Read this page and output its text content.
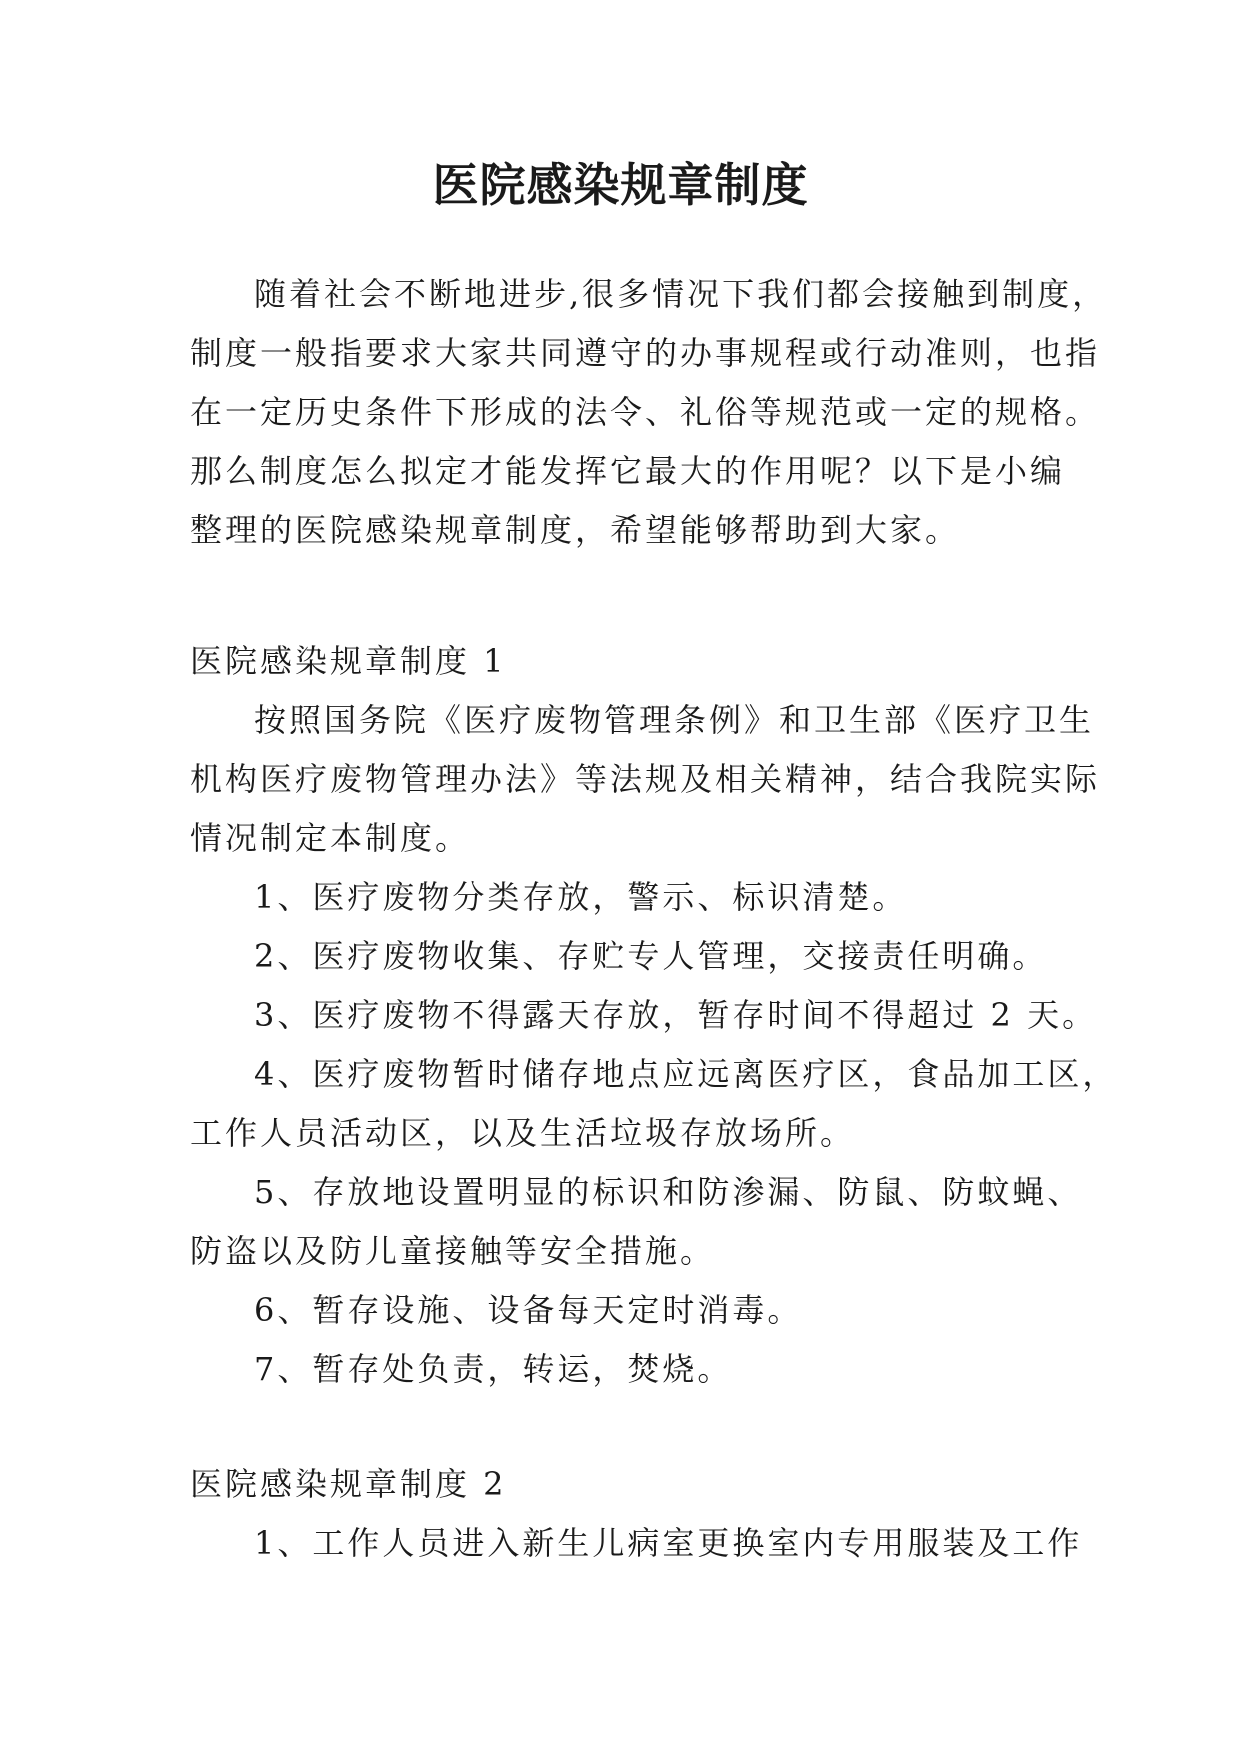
医院感染规章制度
随着社会不断地进步,很多情况下我们都会接触到制度，
制度一般指要求大家共同遵守的办事规程或行动准则，也指
在一定历史条件下形成的法令、礼俗等规范或一定的规格。
那么制度怎么拟定才能发挥它最大的作用呢？以下是小编
整理的医院感染规章制度，希望能够帮助到大家。
医院感染规章制度 1
按照国务院《医疗废物管理条例》和卫生部《医疗卫生
机构医疗废物管理办法》等法规及相关精神，结合我院实际
情况制定本制度。
1、医疗废物分类存放，警示、标识清楚。
2、医疗废物收集、存贮专人管理，交接责任明确。
3、医疗废物不得露天存放，暂存时间不得超过 2 天。
4、医疗废物暂时储存地点应远离医疗区，食品加工区，
工作人员活动区，以及生活垃圾存放场所。
5、存放地设置明显的标识和防渗漏、防鼠、防蚊蝇、
防盗以及防儿童接触等安全措施。
6、暂存设施、设备每天定时消毒。
7、暂存处负责，转运，焚烧。
医院感染规章制度 2
1、工作人员进入新生儿病室更换室内专用服装及工作
